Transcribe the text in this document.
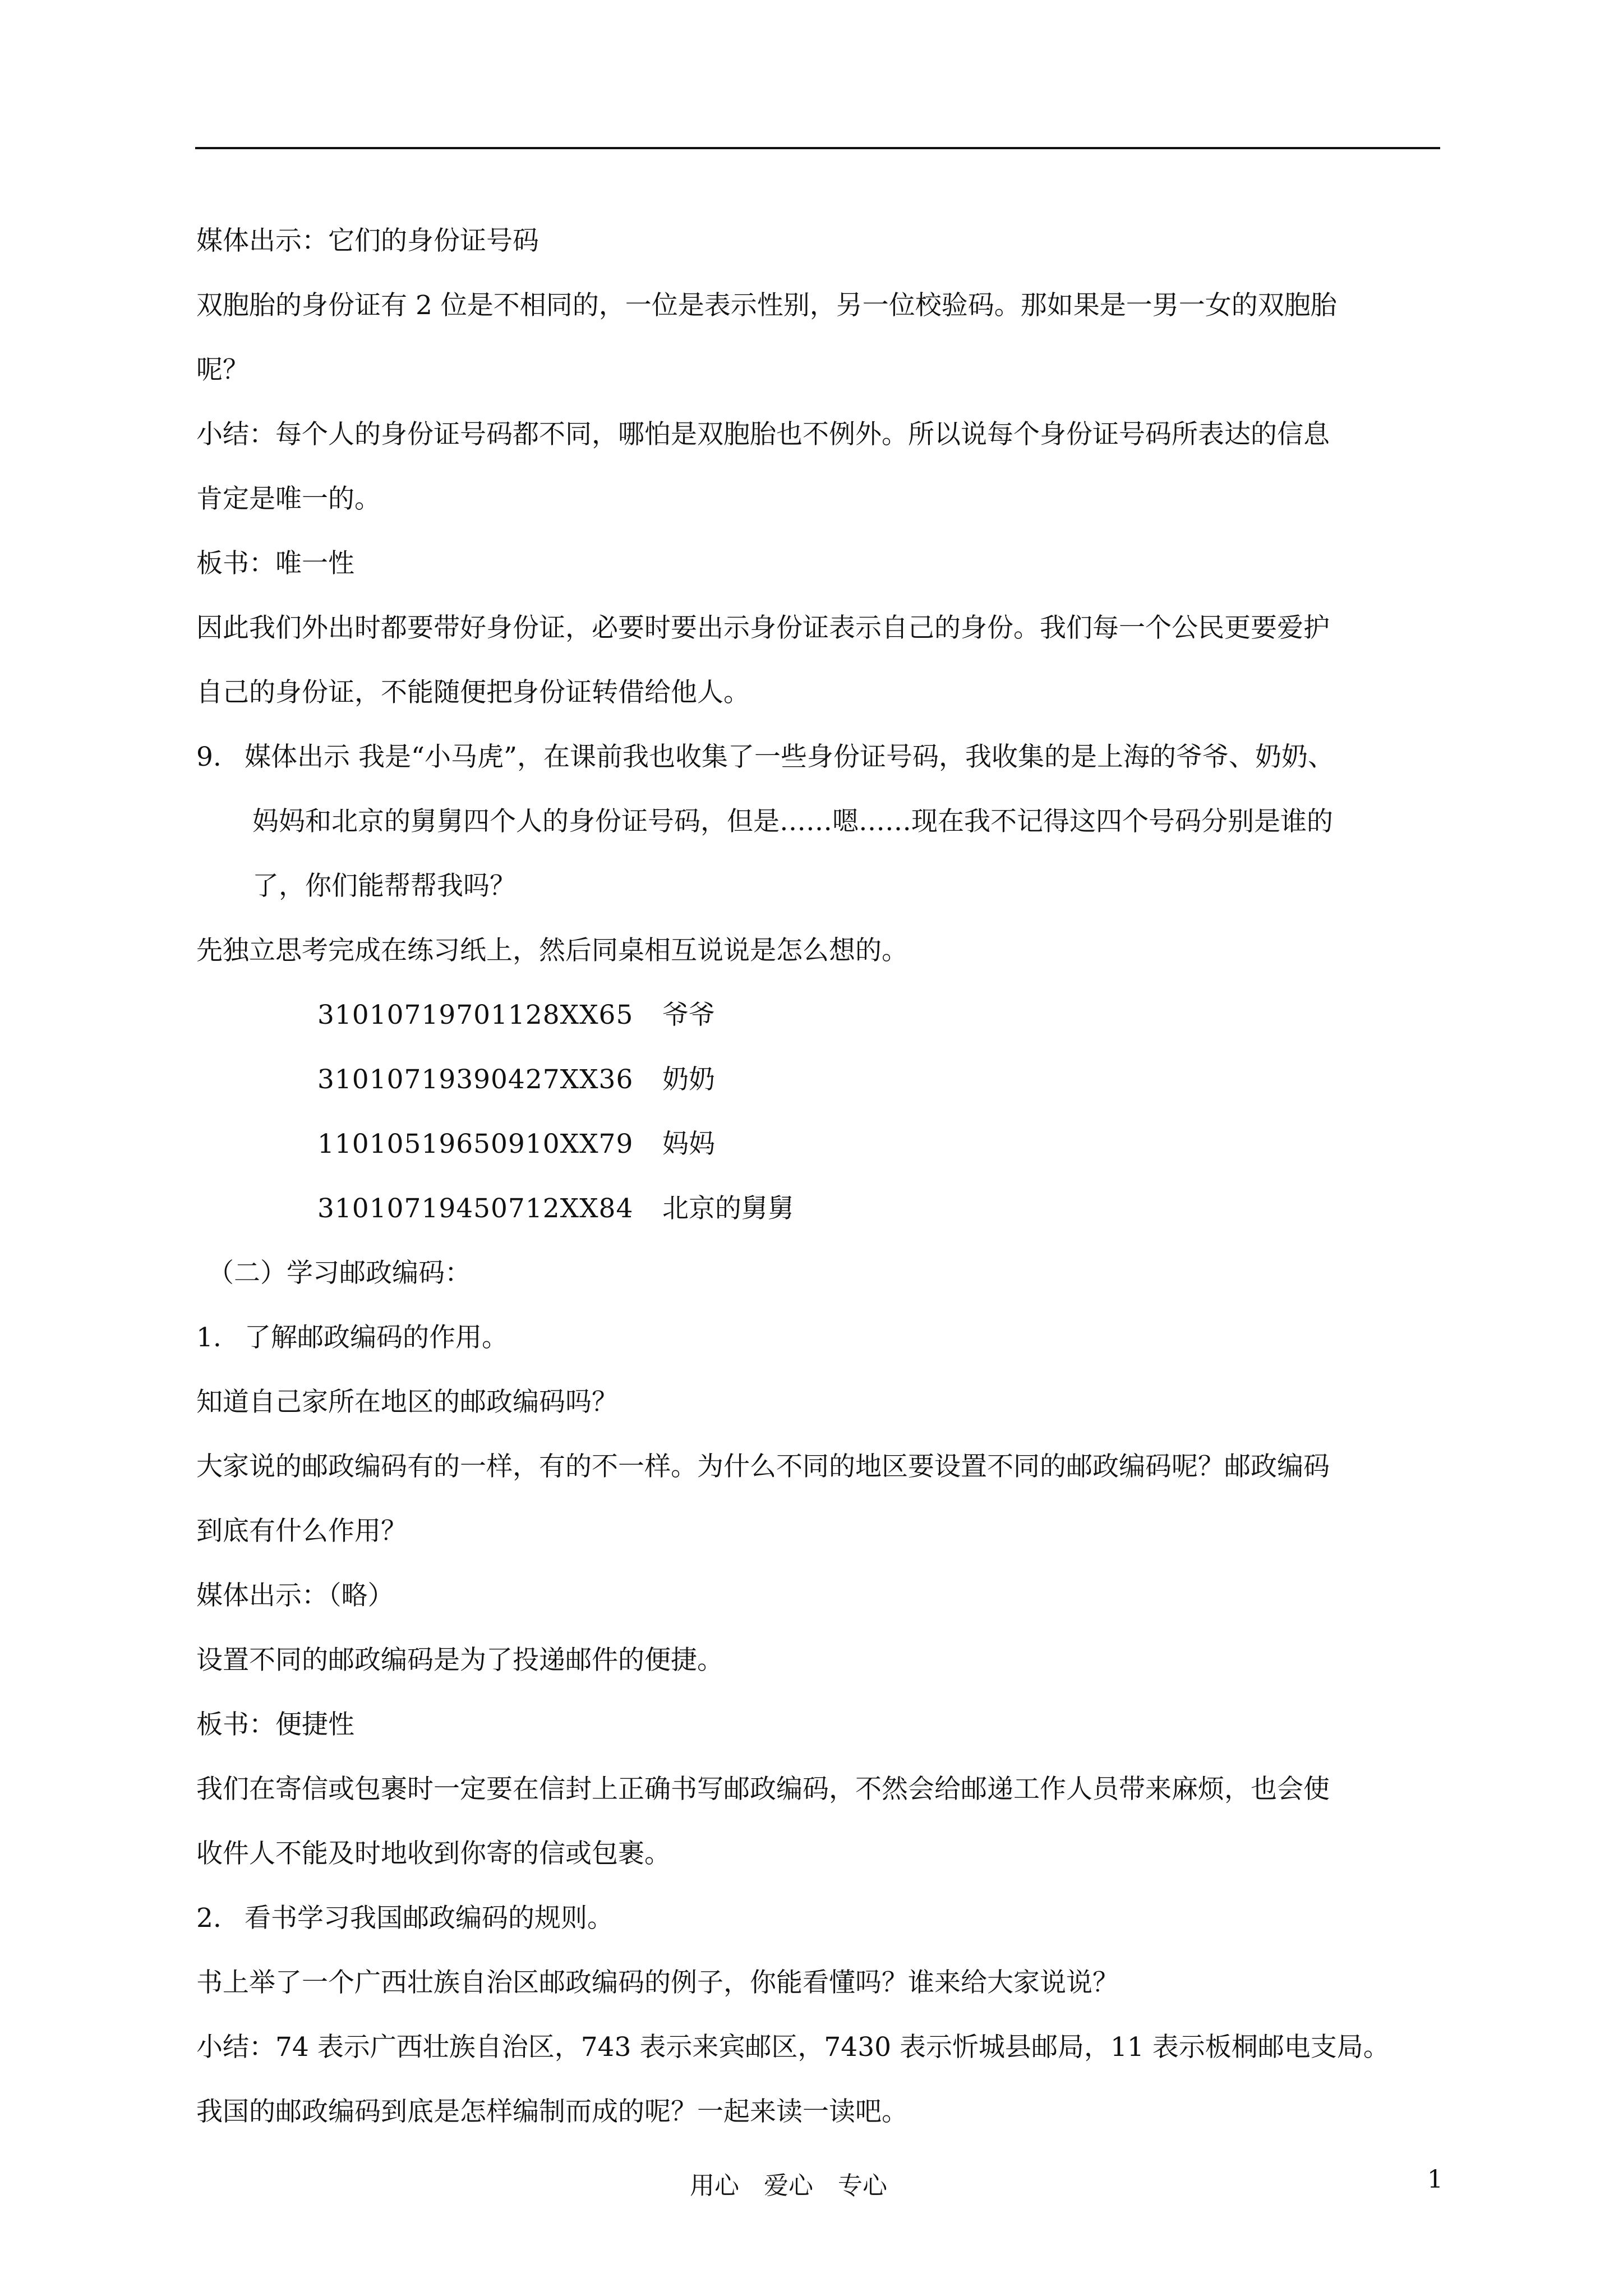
媒体出示：它们的身份证号码
双胞胎的身份证有 2 位是不相同的，一位是表示性别，另一位校验码。那如果是一男一女的双胞胎
呢？
小结：每个人的身份证号码都不同，哪怕是双胞胎也不例外。所以说每个身份证号码所表达的信息
肯定是唯一的。
板书：唯一性
因此我们外出时都要带好身份证，必要时要出示身份证表示自己的身份。我们每一个公民更要爱护
自己的身份证，不能随便把身份证转借给他人。
9. 媒体出示 我是“小马虎”，在课前我也收集了一些身份证号码，我收集的是上海的爷爷、奶奶、
妈妈和北京的舅舅四个人的身份证号码，但是……嗯……现在我不记得这四个号码分别是谁的
了，你们能帮帮我吗？
先独立思考完成在练习纸上，然后同桌相互说说是怎么想的。
31010719701128XX65 爷爷
31010719390427XX36 奶奶
11010519650910XX79 妈妈
31010719450712XX84 北京的舅舅
（二）学习邮政编码：
1. 了解邮政编码的作用。
知道自己家所在地区的邮政编码吗？
大家说的邮政编码有的一样，有的不一样。为什么不同的地区要设置不同的邮政编码呢？邮政编码
到底有什么作用？
媒体出示：（略）
设置不同的邮政编码是为了投递邮件的便捷。
板书：便捷性
我们在寄信或包裹时一定要在信封上正确书写邮政编码，不然会给邮递工作人员带来麻烦，也会使
收件人不能及时地收到你寄的信或包裹。
2. 看书学习我国邮政编码的规则。
书上举了一个广西壮族自治区邮政编码的例子，你能看懂吗？谁来给大家说说？
小结：74 表示广西壮族自治区，743 表示来宾邮区，7430 表示忻城县邮局，11 表示板桐邮电支局。
我国的邮政编码到底是怎样编制而成的呢？一起来读一读吧。
用心 爱心 专心	1
